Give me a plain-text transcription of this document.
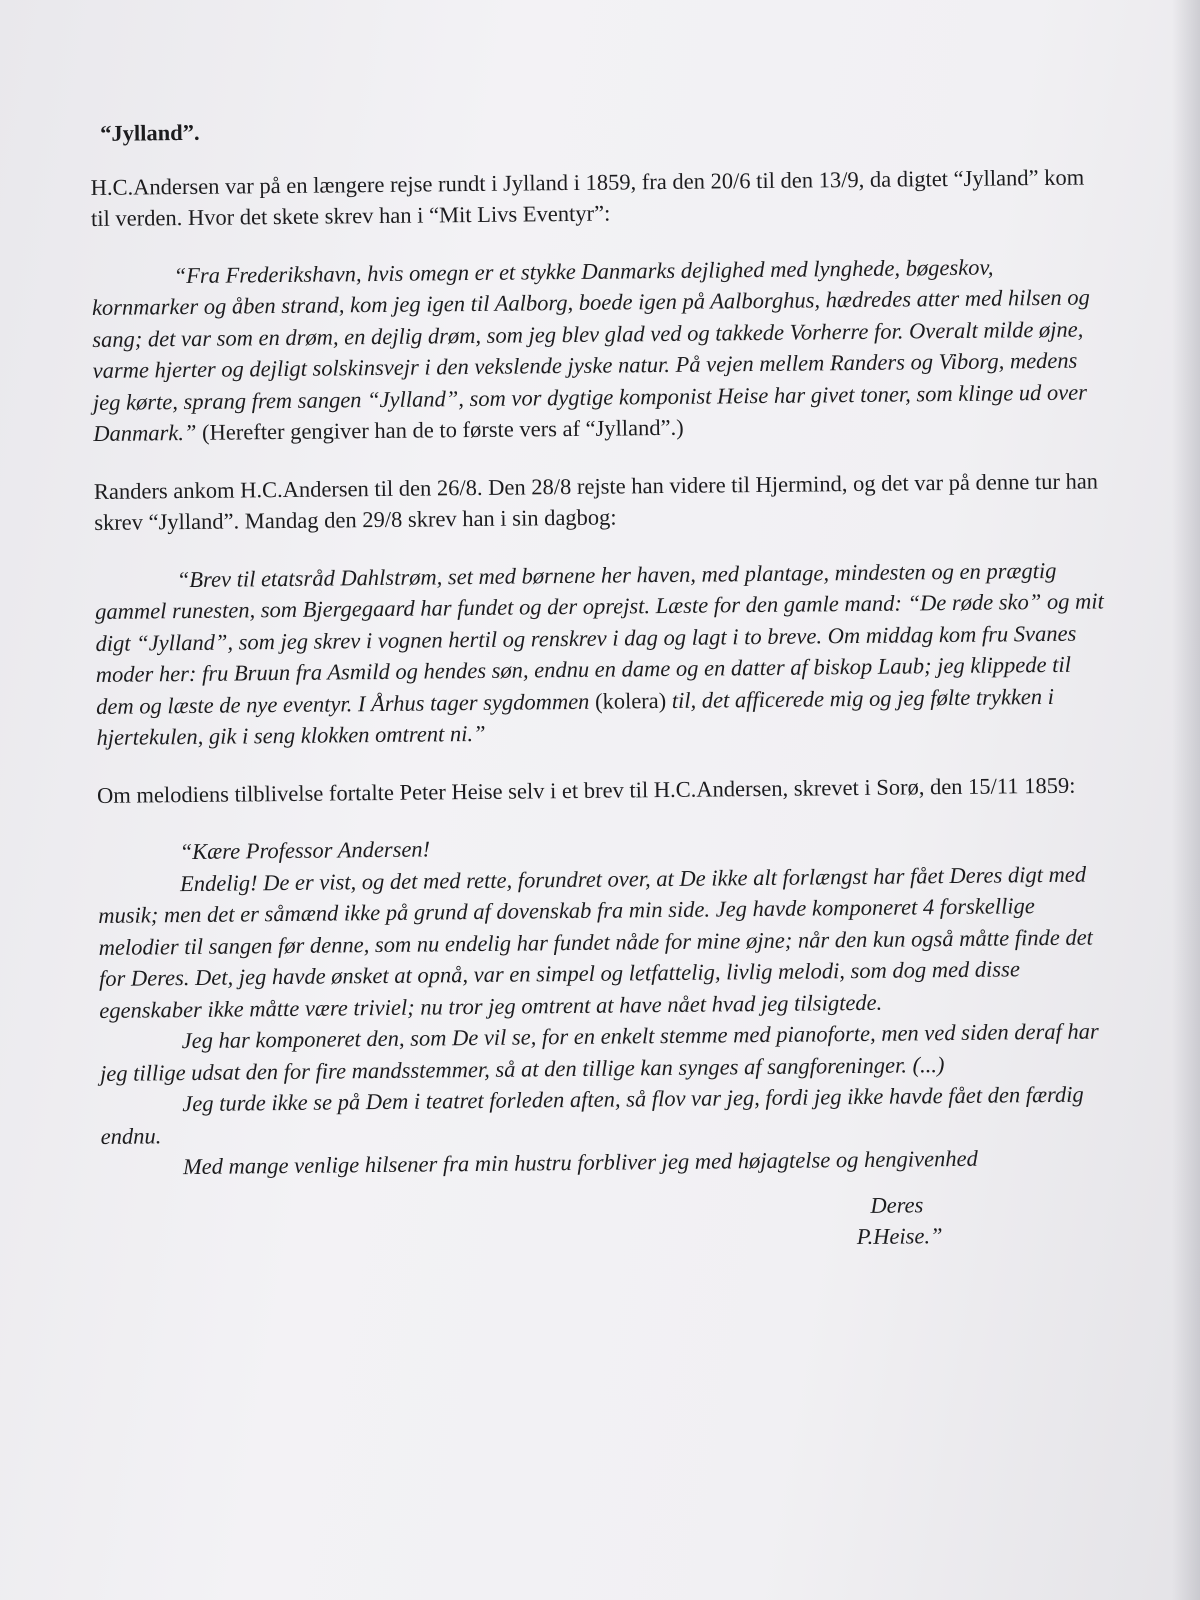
“Jylland”.

H.C.Andersen var på en længere rejse rundt i Jylland i 1859, fra den 20/6 til den 13/9, da digtet “Jylland” kom til verden. Hvor det skete skrev han i “Mit Livs Eventyr”:

“Fra Frederikshavn, hvis omegn er et stykke Danmarks dejlighed med lynghede, bøgeskov, kornmarker og åben strand, kom jeg igen til Aalborg, boede igen på Aalborghus, hædredes atter med hilsen og sang; det var som en drøm, en dejlig drøm, som jeg blev glad ved og takkede Vorherre for. Overalt milde øjne, varme hjerter og dejligt solskinsvejr i den vekslende jyske natur. På vejen mellem Randers og Viborg, medens jeg kørte, sprang frem sangen “Jylland”, som vor dygtige komponist Heise har givet toner, som klinge ud over Danmark.” (Herefter gengiver han de to første vers af “Jylland”.)

Randers ankom H.C.Andersen til den 26/8. Den 28/8 rejste han videre til Hjermind, og det var på denne tur han skrev “Jylland”. Mandag den 29/8 skrev han i sin dagbog:

“Brev til etatsråd Dahlstrøm, set med børnene her haven, med plantage, mindesten og en prægtig gammel runesten, som Bjergegaard har fundet og der oprejst. Læste for den gamle mand: “De røde sko” og mit digt “Jylland”, som jeg skrev i vognen hertil og renskrev i dag og lagt i to breve. Om middag kom fru Svanes moder her: fru Bruun fra Asmild og hendes søn, endnu en dame og en datter af biskop Laub; jeg klippede til dem og læste de nye eventyr. I Århus tager sygdommen (kolera) til, det afficerede mig og jeg følte trykken i hjertekulen, gik i seng klokken omtrent ni.”

Om melodiens tilblivelse fortalte Peter Heise selv i et brev til H.C.Andersen, skrevet i Sorø, den 15/11 1859:

“Kære Professor Andersen!

Endelig! De er vist, og det med rette, forundret over, at De ikke alt forlængst har fået Deres digt med musik; men det er såmænd ikke på grund af dovenskab fra min side. Jeg havde komponeret 4 forskellige melodier til sangen før denne, som nu endelig har fundet nåde for mine øjne; når den kun også måtte finde det for Deres. Det, jeg havde ønsket at opnå, var en simpel og letfattelig, livlig melodi, som dog med disse egenskaber ikke måtte være triviel; nu tror jeg omtrent at have nået hvad jeg tilsigtede.

Jeg har komponeret den, som De vil se, for en enkelt stemme med pianoforte, men ved siden deraf har jeg tillige udsat den for fire mandsstemmer, så at den tillige kan synges af sangforeninger. (...)

Jeg turde ikke se på Dem i teatret forleden aften, så flov var jeg, fordi jeg ikke havde fået den færdig endnu.

Med mange venlige hilsener fra min hustru forbliver jeg med højagtelse og hengivenhed

Deres
P.Heise.”
